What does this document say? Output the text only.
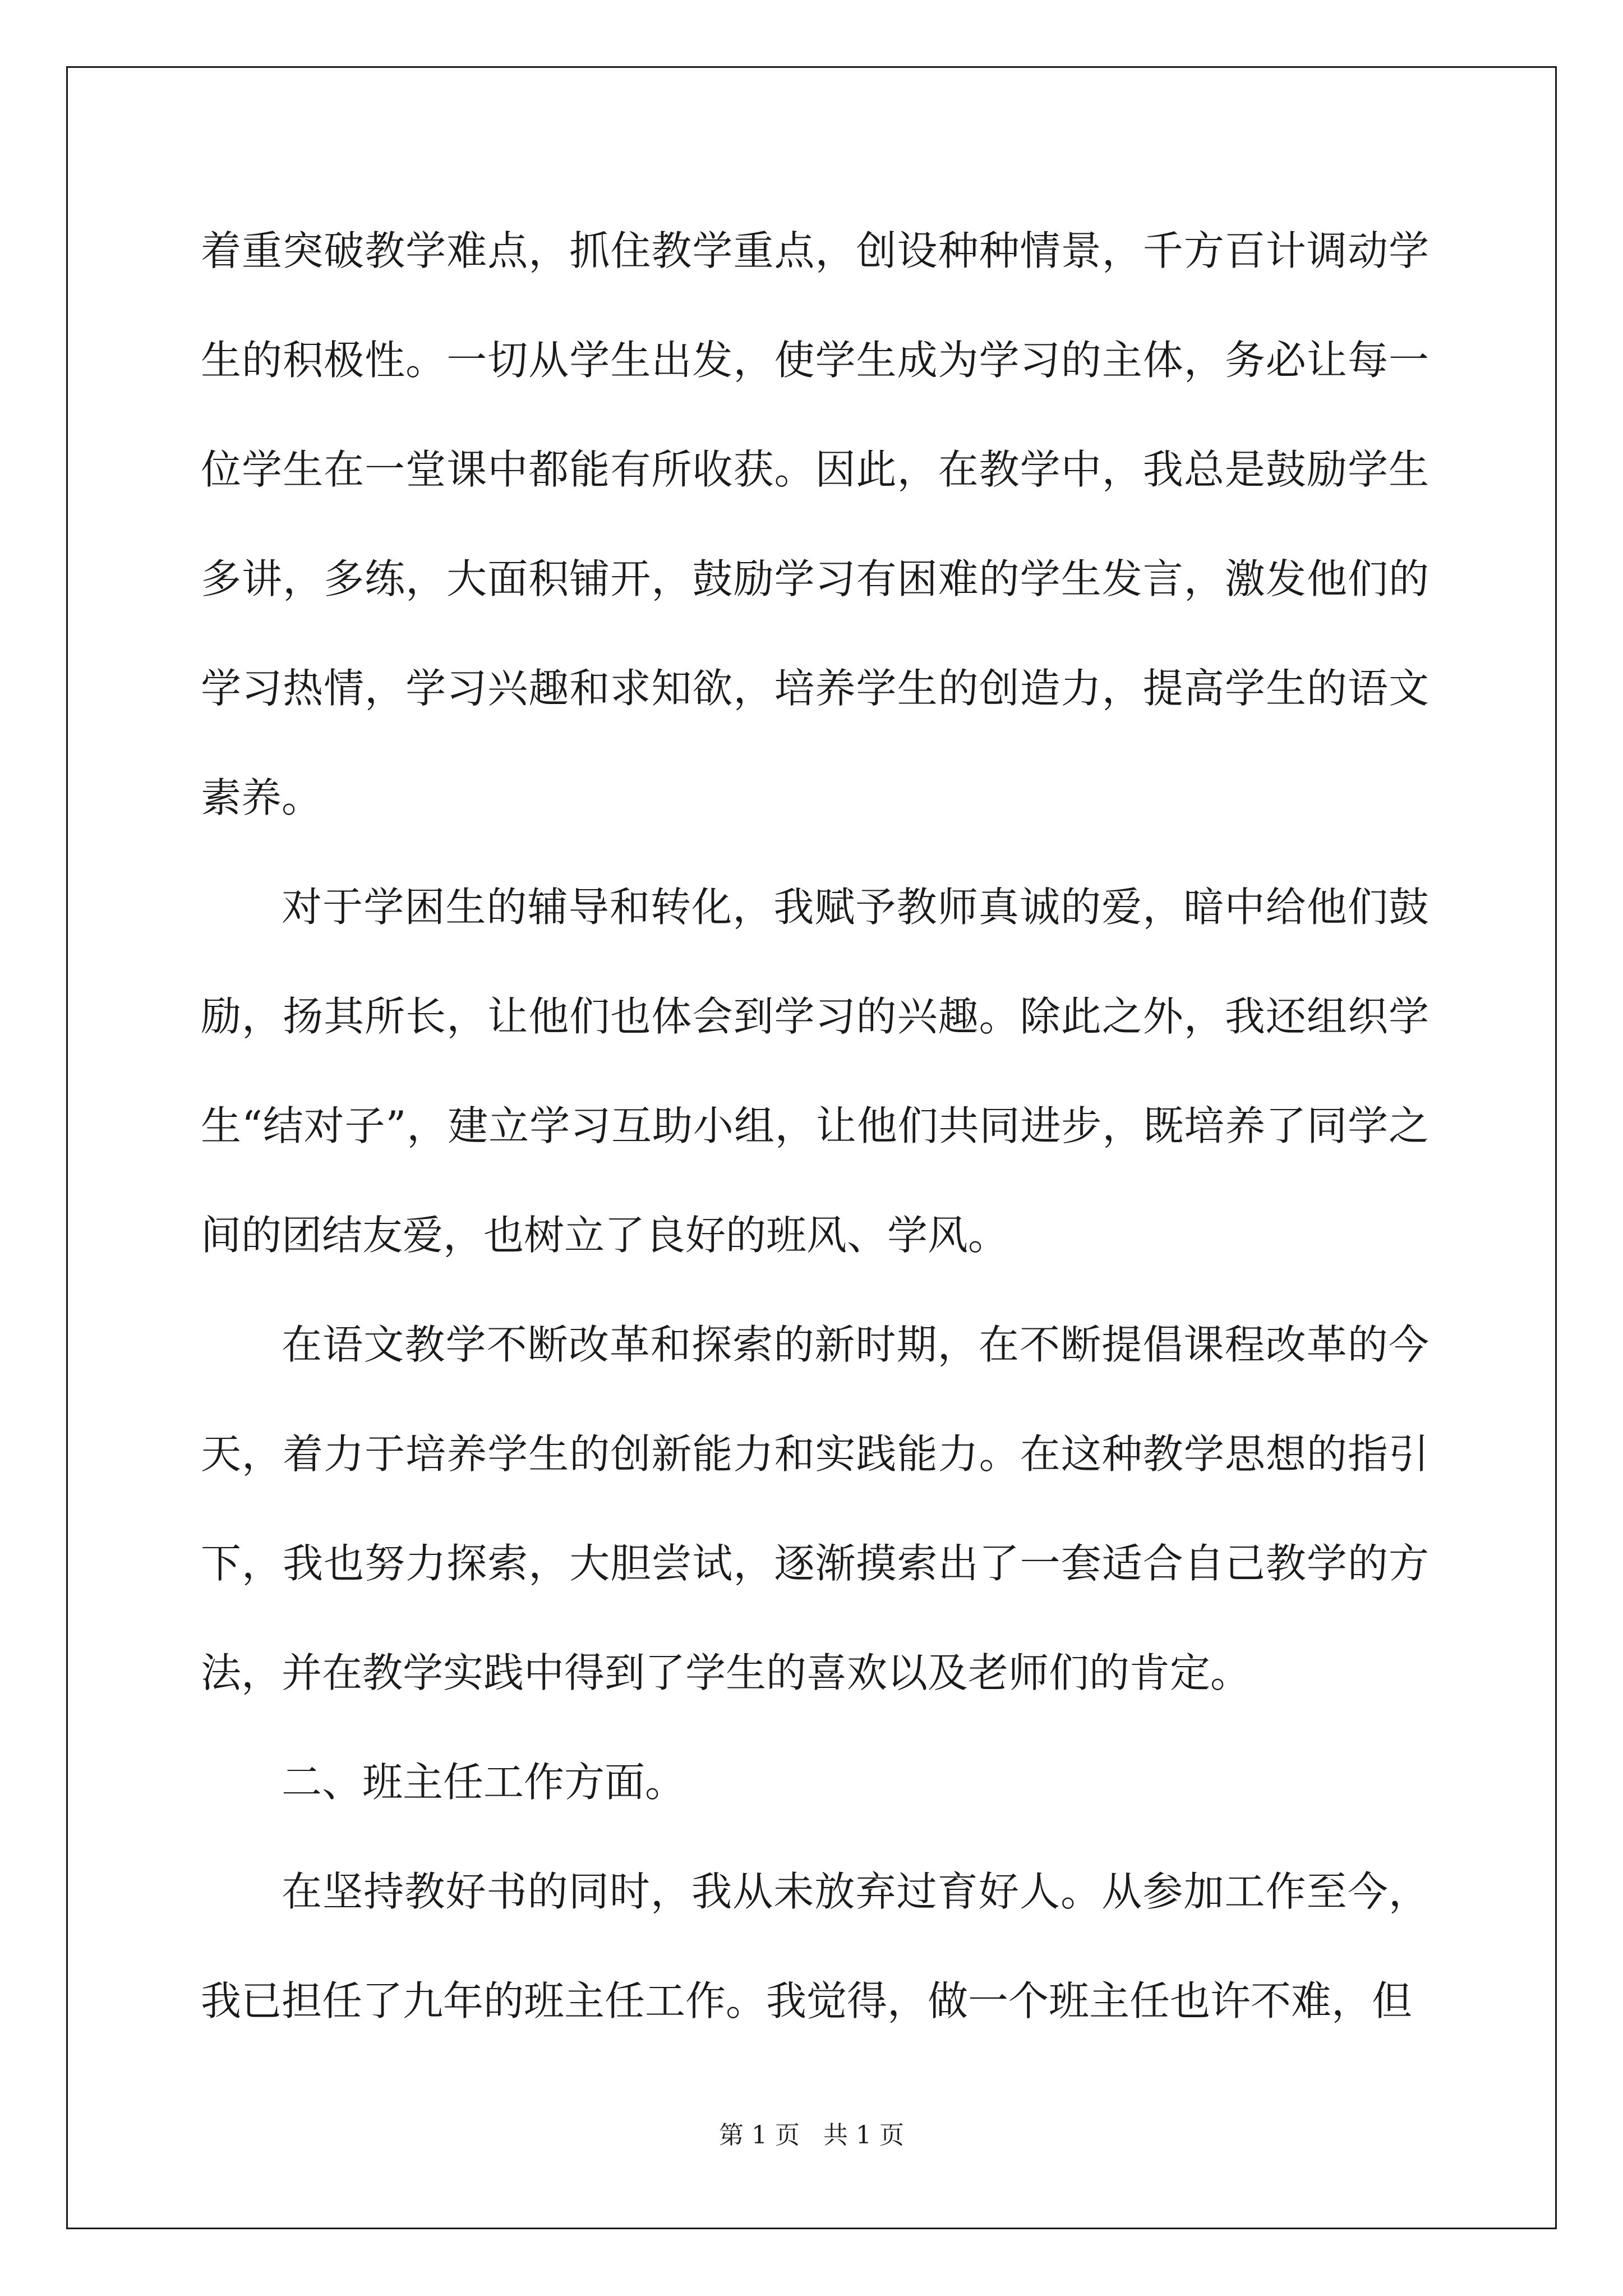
着重突破教学难点，抓住教学重点，创设种种情景，千方百计调动学生的积极性。一切从学生出发，使学生成为学习的主体，务必让每一位学生在一堂课中都能有所收获。因此，在教学中，我总是鼓励学生多讲，多练，大面积铺开，鼓励学习有困难的学生发言，激发他们的学习热情，学习兴趣和求知欲，培养学生的创造力，提高学生的语文素养。

对于学困生的辅导和转化，我赋予教师真诚的爱，暗中给他们鼓励，扬其所长，让他们也体会到学习的兴趣。除此之外，我还组织学生“结对子”，建立学习互助小组，让他们共同进步，既培养了同学之间的团结友爱，也树立了良好的班风、学风。

在语文教学不断改革和探索的新时期，在不断提倡课程改革的今天，着力于培养学生的创新能力和实践能力。在这种教学思想的指引下，我也努力探索，大胆尝试，逐渐摸索出了一套适合自己教学的方法，并在教学实践中得到了学生的喜欢以及老师们的肯定。

二、班主任工作方面。

在坚持教好书的同时，我从未放弃过育好人。从参加工作至今，我已担任了九年的班主任工作。我觉得，做一个班主任也许不难，但

第 1 页   共 1 页
